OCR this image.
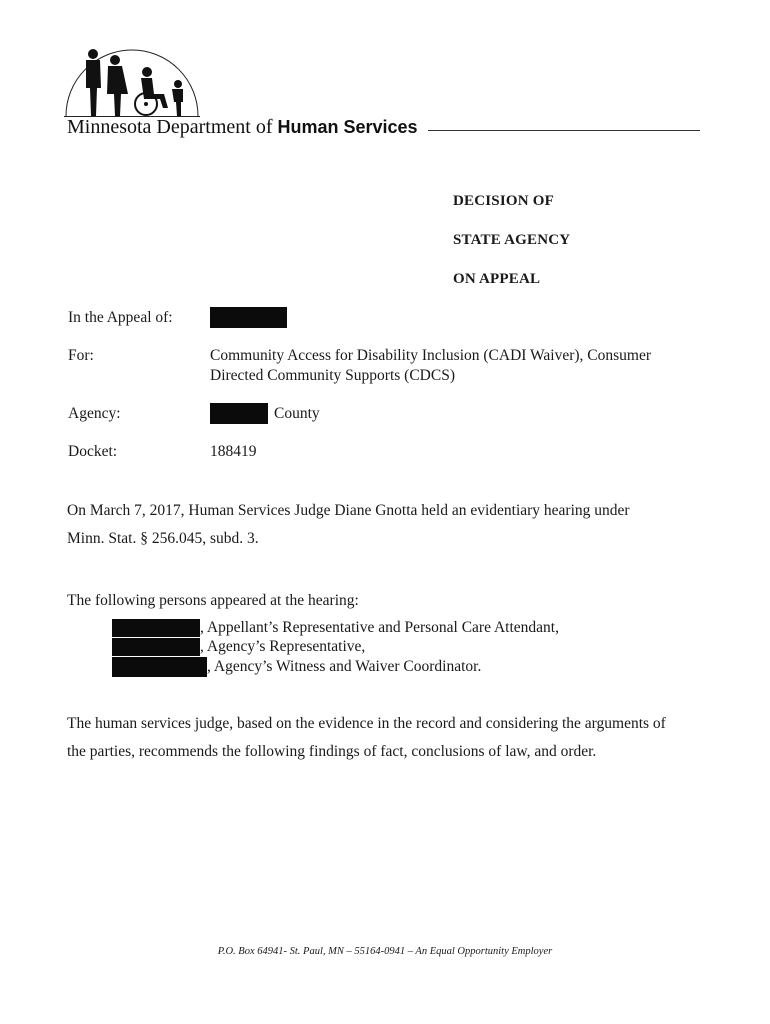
Minnesota Department of Human Services
DECISION OF
STATE AGENCY
ON APPEAL
In the Appeal of:
For:	Community Access for Disability Inclusion (CADI Waiver), Consumer
Directed Community Supports (CDCS)
Agency:	County
Docket:	188419
On March 7, 2017, Human Services Judge Diane Gnotta held an evidentiary hearing under
Minn. Stat. § 256.045, subd. 3.
The following persons appeared at the hearing:
, Appellant’s Representative and Personal Care Attendant,
, Agency’s Representative,
, Agency’s Witness and Waiver Coordinator.
The human services judge, based on the evidence in the record and considering the arguments of
the parties, recommends the following findings of fact, conclusions of law, and order.
P.O. Box 64941- St. Paul, MN – 55164-0941 – An Equal Opportunity Employer
